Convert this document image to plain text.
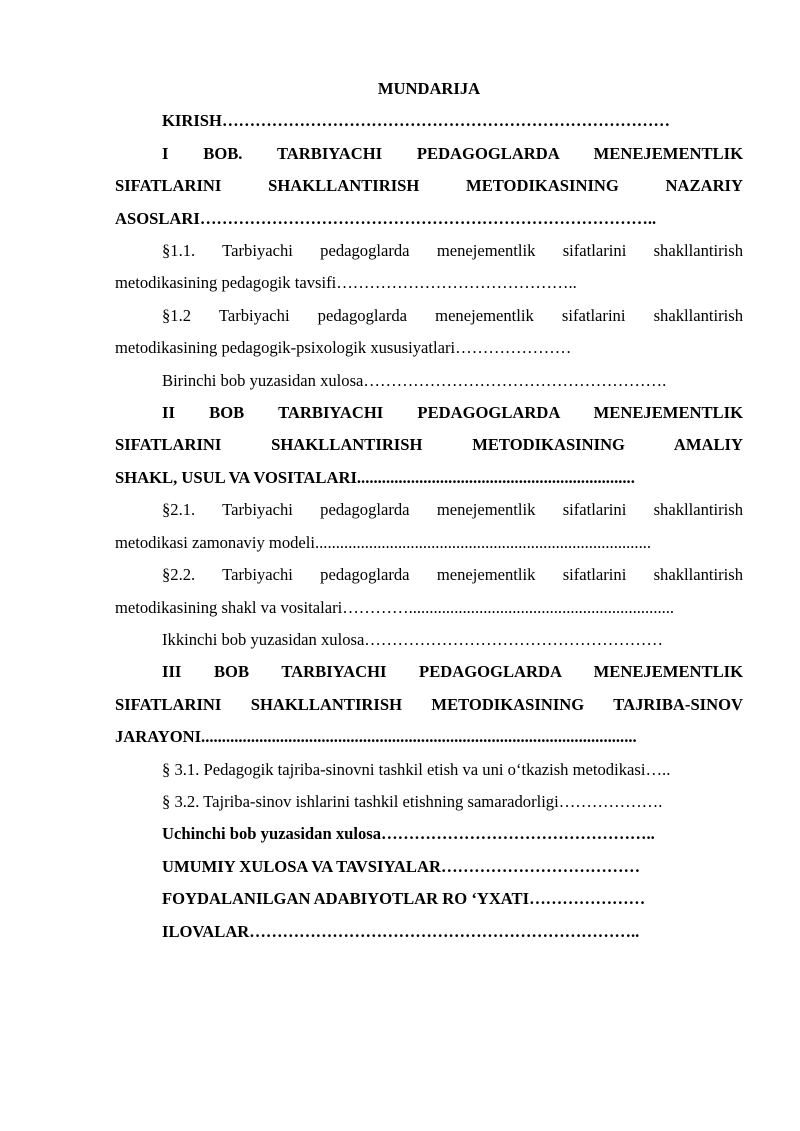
MUNDARIJA
KIRISH………………………………………………………………………
I BOB. TARBIYACHI PEDAGOGLARDA MENEJEMENTLIK
SIFATLARINI SHAKLLANTIRISH METODIKASINING NAZARIY
ASOSLARI………………………………………………………………………..
§1.1. Tarbiyachi pedagoglarda menejementlik sifatlarini shakllantirish
metodikasining pedagogik tavsifi……………………………………..
§1.2 Tarbiyachi pedagoglarda menejementlik sifatlarini shakllantirish
metodikasining pedagogik-psixologik xususiyatlari…………………
Birinchi bob yuzasidan xulosa……………………………………………….
II BOB TARBIYACHI PEDAGOGLARDA MENEJEMENTLIK
SIFATLARINI SHAKLLANTIRISH METODIKASINING AMALIY
SHAKL, USUL VA VOSITALARI...................................................................
§2.1. Tarbiyachi pedagoglarda menejementlik sifatlarini shakllantirish
metodikasi zamonaviy modeli.................................................................................
§2.2. Tarbiyachi pedagoglarda menejementlik sifatlarini shakllantirish
metodikasining shakl va vositalari…………................................................................
Ikkinchi bob yuzasidan xulosa………………………………………………
III BOB TARBIYACHI PEDAGOGLARDA MENEJEMENTLIK
SIFATLARINI SHAKLLANTIRISH METODIKASINING TAJRIBA-SINOV
JARAYONI.........................................................................................................
§ 3.1. Pedagogik tajriba-sinovni tashkil etish va uni o‘tkazish metodikasi…..
§ 3.2. Tajriba-sinov ishlarini tashkil etishning samaradorligi……………….
Uchinchi bob yuzasidan xulosa…………………………………………..
UMUMIY XULOSA VA TAVSIYALAR………………………………
FOYDALANILGAN ADABIYOTLAR RO ‘YXATI…………………
ILOVALAR……………………………………………………………..
